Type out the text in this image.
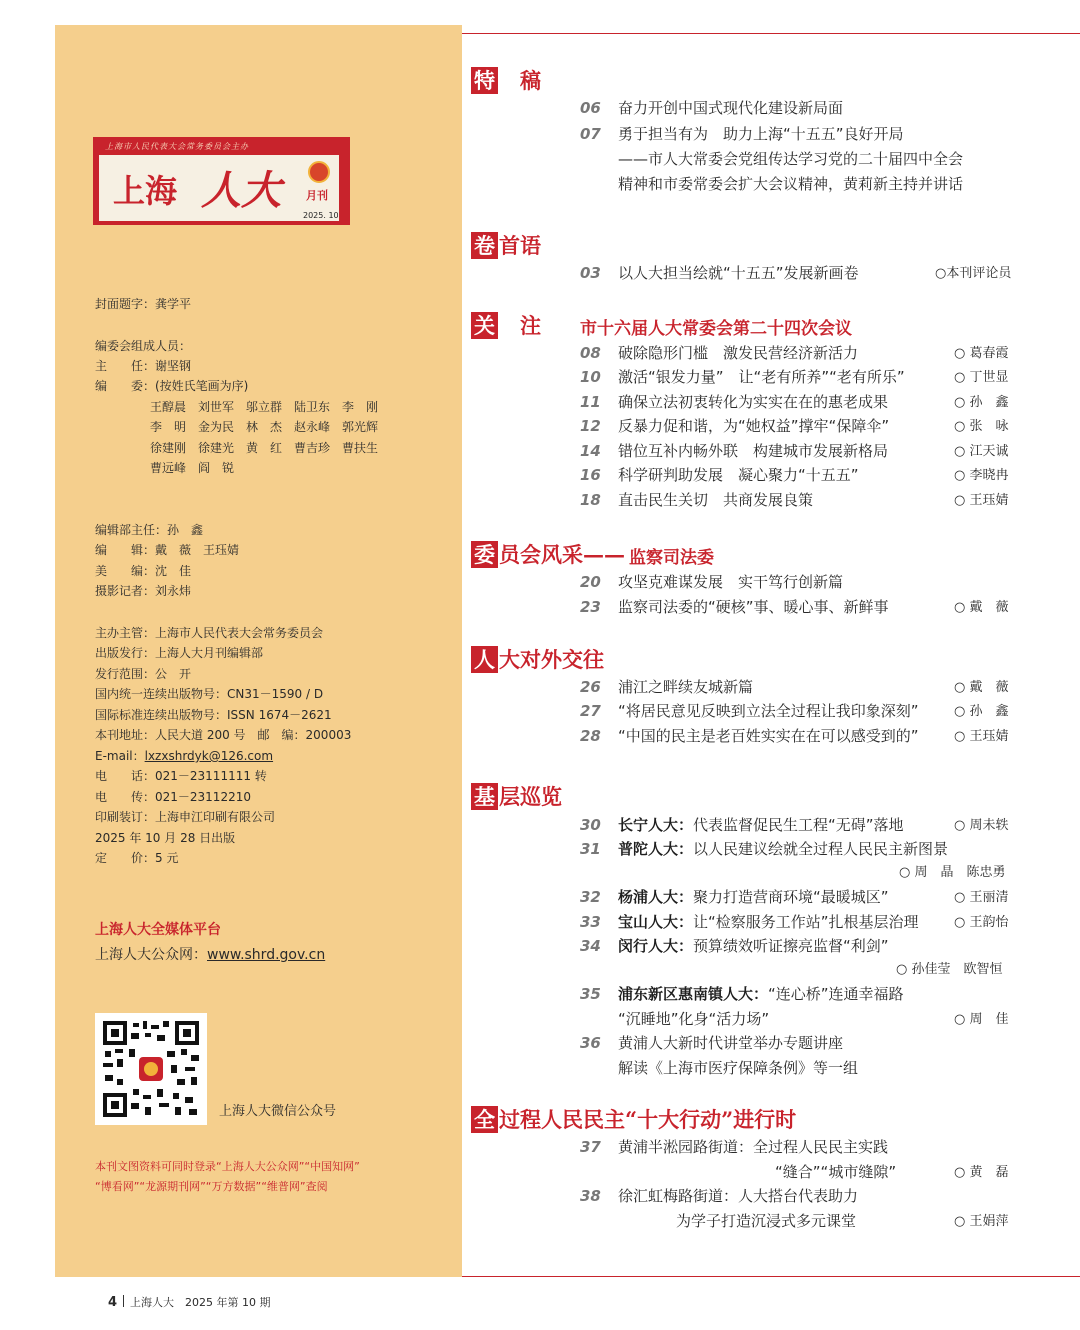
上海市人民代表大会常务委员会主办
上海 人大 月刊
2025. 10
封面题字：龚学平
编委会组成人员：
主　　任：谢坚钢
编　　委：(按姓氏笔画为序)
王醇晨　刘世军　邬立群　陆卫东　李　刚
李　明　金为民　林　杰　赵永峰　郭光辉
徐建刚　徐建光　黄　红　曹吉珍　曹扶生
曹远峰　阎　锐
编辑部主任：孙　鑫
编　　辑：戴　薇　王珏婧
美　　编：沈　佳
摄影记者：刘永炜
主办主管：上海市人民代表大会常务委员会
出版发行：上海人大月刊编辑部
发行范围：公　开
国内统一连续出版物号：CN31－1590 / D
国际标准连续出版物号：ISSN 1674－2621
本刊地址：人民大道 200 号　邮　编：200003
E-mail：lxzxshrdyk@126.com
电　　话：021－23111111 转
电　　传：021－23112210
印刷装订：上海申江印刷有限公司
2025 年 10 月 28 日出版
定　　价：5 元
上海人大全媒体平台
上海人大公众网：www.shrd.gov.cn
上海人大微信公众号
本刊文图资料可同时登录“上海人大公众网”“中国知网”
“博看网”“龙源期刊网”“万方数据”“维普网”查阅
特 　稿
06 奋力开创中国式现代化建设新局面
07 勇于担当有为　助力上海“十五五”良好开局
——市人大常委会党组传达学习党的二十届四中全会
精神和市委常委会扩大会议精神，黄莉新主持并讲话
卷 首语
03 以人大担当绘就“十五五”发展新画卷	○本刊评论员
关 　注 市十六届人大常委会第二十四次会议
08 破除隐形门槛　激发民营经济新活力	○ 葛春霞
10 激活“银发力量”　让“老有所养”“老有所乐”	○ 丁世显
11 确保立法初衷转化为实实在在的惠老成果	○ 孙　鑫
12 反暴力促和谐，为“她权益”撑牢“保障伞”	○ 张　咏
14 错位互补内畅外联　构建城市发展新格局	○ 江天诚
16 科学研判助发展　凝心聚力“十五五”	○ 李晓冉
18 直击民生关切　共商发展良策	○ 王珏婧
委 员会风采—— 监察司法委
20 攻坚克难谋发展　实干笃行创新篇
23 监察司法委的“硬核”事、暖心事、新鲜事	○ 戴　薇
人 大对外交往
26 浦江之畔续友城新篇	○ 戴　薇
27 “将居民意见反映到立法全过程让我印象深刻”	○ 孙　鑫
28 “中国的民主是老百姓实实在在可以感受到的”	○ 王珏婧
基 层巡览
30 长宁人大：代表监督促民生工程“无碍”落地	○ 周未轶
31 普陀人大：以人民建议绘就全过程人民民主新图景
○ 周　晶　陈忠勇
32 杨浦人大：聚力打造营商环境“最暖城区”	○ 王丽清
33 宝山人大：让“检察服务工作站”扎根基层治理	○ 王韵怡
34 闵行人大：预算绩效听证擦亮监督“利剑”
○ 孙佳莹　欧智恒
35 浦东新区惠南镇人大：“连心桥”连通幸福路
“沉睡地”化身“活力场”	○ 周　佳
36 黄浦人大新时代讲堂举办专题讲座
解读《上海市医疗保障条例》等一组
全 过程人民民主“十大行动”进行时
37 黄浦半淞园路街道：全过程人民民主实践
“缝合”“城市缝隙”	○ 黄　磊
38 徐汇虹梅路街道：人大搭台代表助力
为学子打造沉浸式多元课堂	○ 王娟萍
4 上海人大　 2025 年第 10 期
